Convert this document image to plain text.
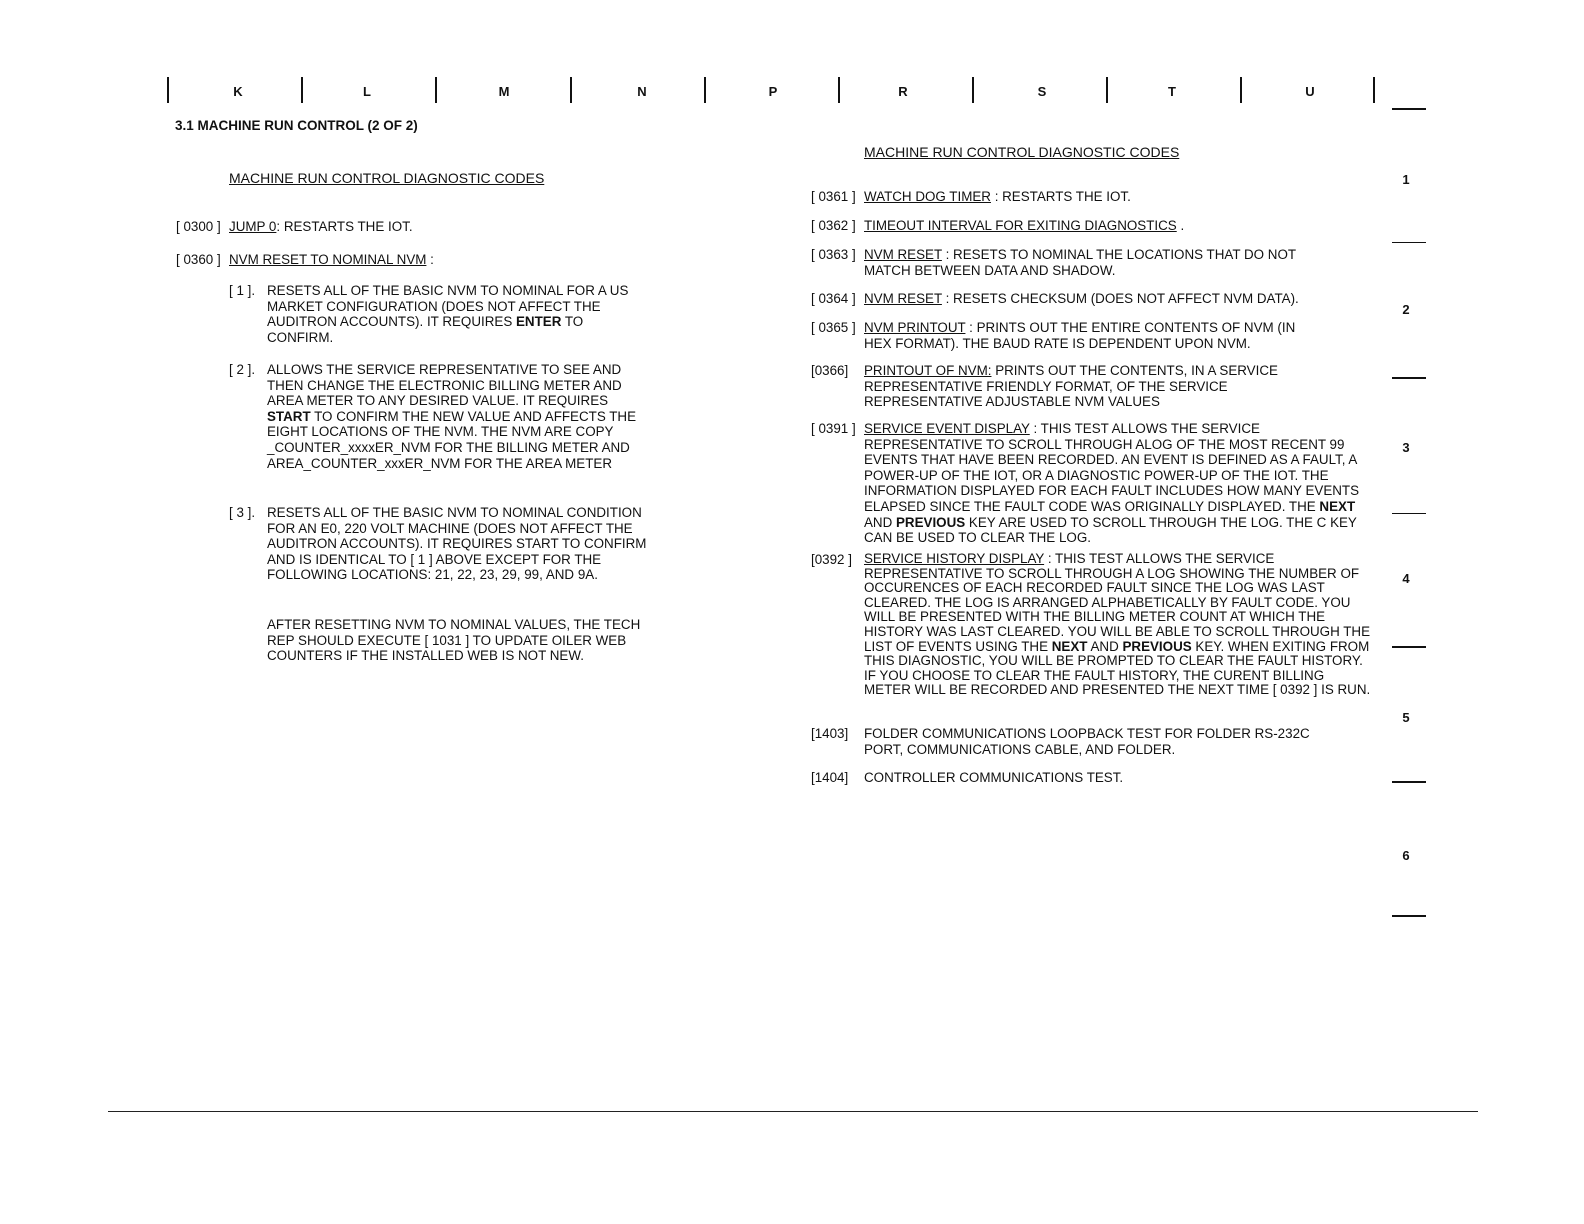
K	L	M	N	P	R	S	T	U
1
2
3
4
5
6
3.1 MACHINE RUN CONTROL (2 OF 2)
MACHINE RUN CONTROL DIAGNOSTIC CODES
[ 0300 ] JUMP 0: RESTARTS THE IOT.
[ 0360 ] NVM RESET TO NOMINAL NVM :
[ 1 ]. RESETS ALL OF THE BASIC NVM TO NOMINAL FOR A US MARKET CONFIGURATION (DOES NOT AFFECT THE AUDITRON ACCOUNTS). IT REQUIRES ENTER TO CONFIRM.
[ 2 ]. ALLOWS THE SERVICE REPRESENTATIVE TO SEE AND THEN CHANGE THE ELECTRONIC BILLING METER AND AREA METER TO ANY DESIRED VALUE. IT REQUIRES START TO CONFIRM THE NEW VALUE AND AFFECTS THE EIGHT LOCATIONS OF THE NVM. THE NVM ARE COPY _COUNTER_xxxxER_NVM FOR THE BILLING METER AND AREA_COUNTER_xxxER_NVM FOR THE AREA METER
[ 3 ]. RESETS ALL OF THE BASIC NVM TO NOMINAL CONDITION FOR AN E0, 220 VOLT MACHINE (DOES NOT AFFECT THE AUDITRON ACCOUNTS). IT REQUIRES START TO CONFIRM AND IS IDENTICAL TO [ 1 ] ABOVE EXCEPT FOR THE FOLLOWING LOCATIONS: 21, 22, 23, 29, 99, AND 9A.
AFTER RESETTING NVM TO NOMINAL VALUES, THE TECH REP SHOULD EXECUTE [ 1031 ] TO UPDATE OILER WEB COUNTERS IF THE INSTALLED WEB IS NOT NEW.
MACHINE RUN CONTROL DIAGNOSTIC CODES
[ 0361 ] WATCH DOG TIMER : RESTARTS THE IOT.
[ 0362 ] TIMEOUT INTERVAL FOR EXITING DIAGNOSTICS .
[ 0363 ] NVM RESET : RESETS TO NOMINAL THE LOCATIONS THAT DO NOT MATCH BETWEEN DATA AND SHADOW.
[ 0364 ] NVM RESET : RESETS CHECKSUM (DOES NOT AFFECT NVM DATA).
[ 0365 ] NVM PRINTOUT : PRINTS OUT THE ENTIRE CONTENTS OF NVM (IN HEX FORMAT). THE BAUD RATE IS DEPENDENT UPON NVM.
[0366] PRINTOUT OF NVM: PRINTS OUT THE CONTENTS, IN A SERVICE REPRESENTATIVE FRIENDLY FORMAT, OF THE SERVICE REPRESENTATIVE ADJUSTABLE NVM VALUES
[ 0391 ] SERVICE EVENT DISPLAY : THIS TEST ALLOWS THE SERVICE REPRESENTATIVE TO SCROLL THROUGH ALOG OF THE MOST RECENT 99 EVENTS THAT HAVE BEEN RECORDED. AN EVENT IS DEFINED AS A FAULT, A POWER-UP OF THE IOT, OR A DIAGNOSTIC POWER-UP OF THE IOT. THE INFORMATION DISPLAYED FOR EACH FAULT INCLUDES HOW MANY EVENTS ELAPSED SINCE THE FAULT CODE WAS ORIGINALLY DISPLAYED. THE NEXT AND PREVIOUS KEY ARE USED TO SCROLL THROUGH THE LOG. THE C KEY CAN BE USED TO CLEAR THE LOG.
[0392 ] SERVICE HISTORY DISPLAY : THIS TEST ALLOWS THE SERVICE REPRESENTATIVE TO SCROLL THROUGH A LOG SHOWING THE NUMBER OF OCCURENCES OF EACH RECORDED FAULT SINCE THE LOG WAS LAST CLEARED. THE LOG IS ARRANGED ALPHABETICALLY BY FAULT CODE. YOU WILL BE PRESENTED WITH THE BILLING METER COUNT AT WHICH THE HISTORY WAS LAST CLEARED. YOU WILL BE ABLE TO SCROLL THROUGH THE LIST OF EVENTS USING THE NEXT AND PREVIOUS KEY. WHEN EXITING FROM THIS DIAGNOSTIC, YOU WILL BE PROMPTED TO CLEAR THE FAULT HISTORY. IF YOU CHOOSE TO CLEAR THE FAULT HISTORY, THE CURENT BILLING METER WILL BE RECORDED AND PRESENTED THE NEXT TIME [ 0392 ] IS RUN.
[1403] FOLDER COMMUNICATIONS LOOPBACK TEST FOR FOLDER RS-232C PORT, COMMUNICATIONS CABLE, AND FOLDER.
[1404] CONTROLLER COMMUNICATIONS TEST.
